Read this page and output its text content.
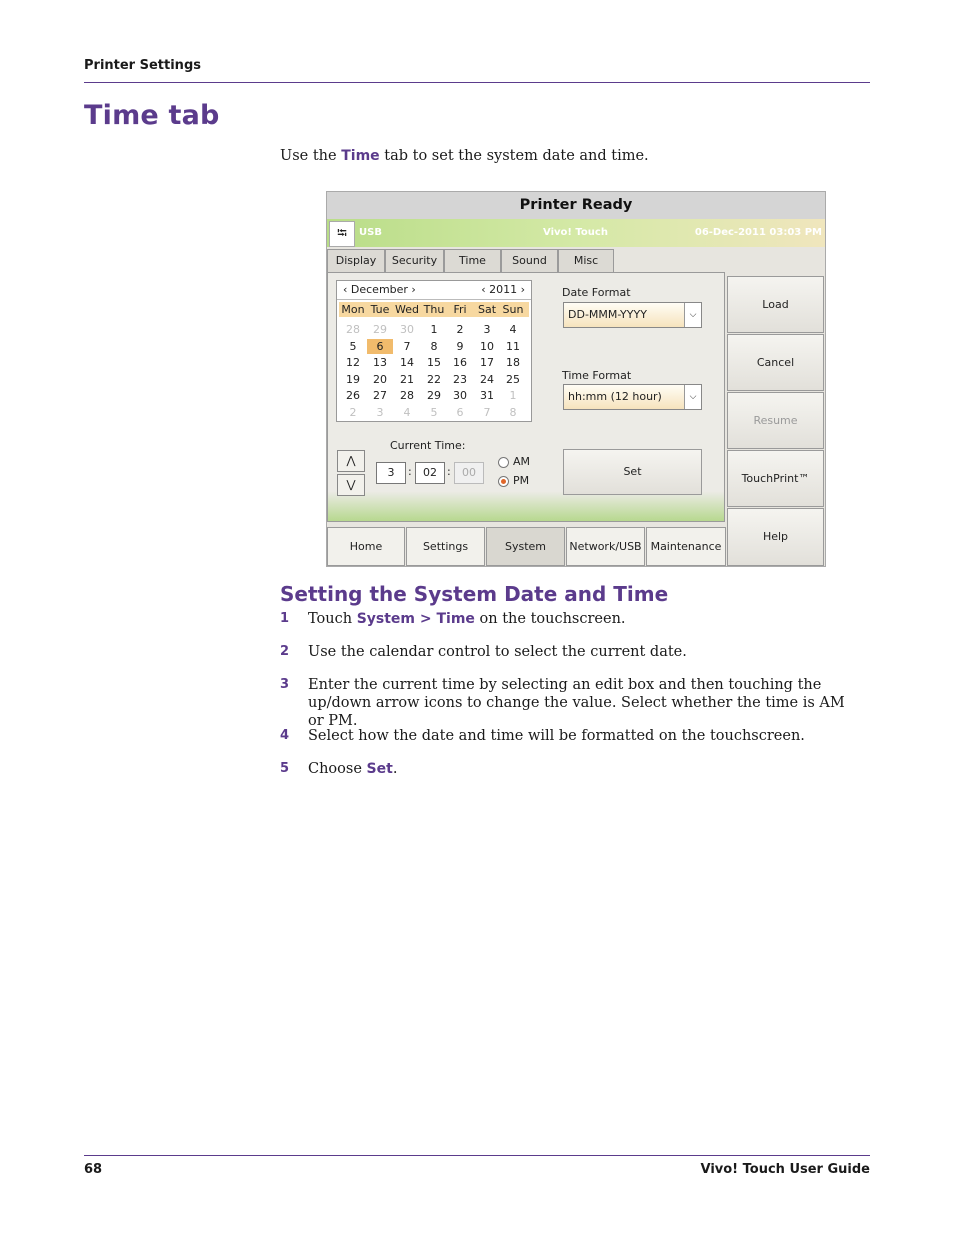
Printer Settings
Time tab
Use the Time tab to set the system date and time.
Printer Ready
⭾	USB	Vivo! Touch	06-Dec-2011 03:03 PM
Display	Security	Time	Sound	Misc
‹ December ›	‹ 2011 ›
Mon Tue Wed Thu Fri	Sat Sun
28	29	30	1	2	3	4
5	6	7	8	9	10	11
12	13	14	15	16	17	18
19	20	21	22	23	24	25
26	27	28	29	30	31	1
2	3	4	5	6	7	8
Date Format
DD-MMM-YYYY	⌵
Time Format
hh:mm (12 hour)	⌵
Current Time:
⋀
⋁
3	:	02 :	00
AM
PM
Set
Load
Cancel
Resume
TouchPrint™
Help
Home	Settings	System	Network/USB Maintenance
Setting the System Date and Time
1 Touch System > Time on the touchscreen.
2 Use the calendar control to select the current date.
3 Enter the current time by selecting an edit box and then touching the up/down arrow icons to change the value. Select whether the time is AM or PM.
4 Select how the date and time will be formatted on the touchscreen.
5 Choose Set.
68	Vivo! Touch User Guide
